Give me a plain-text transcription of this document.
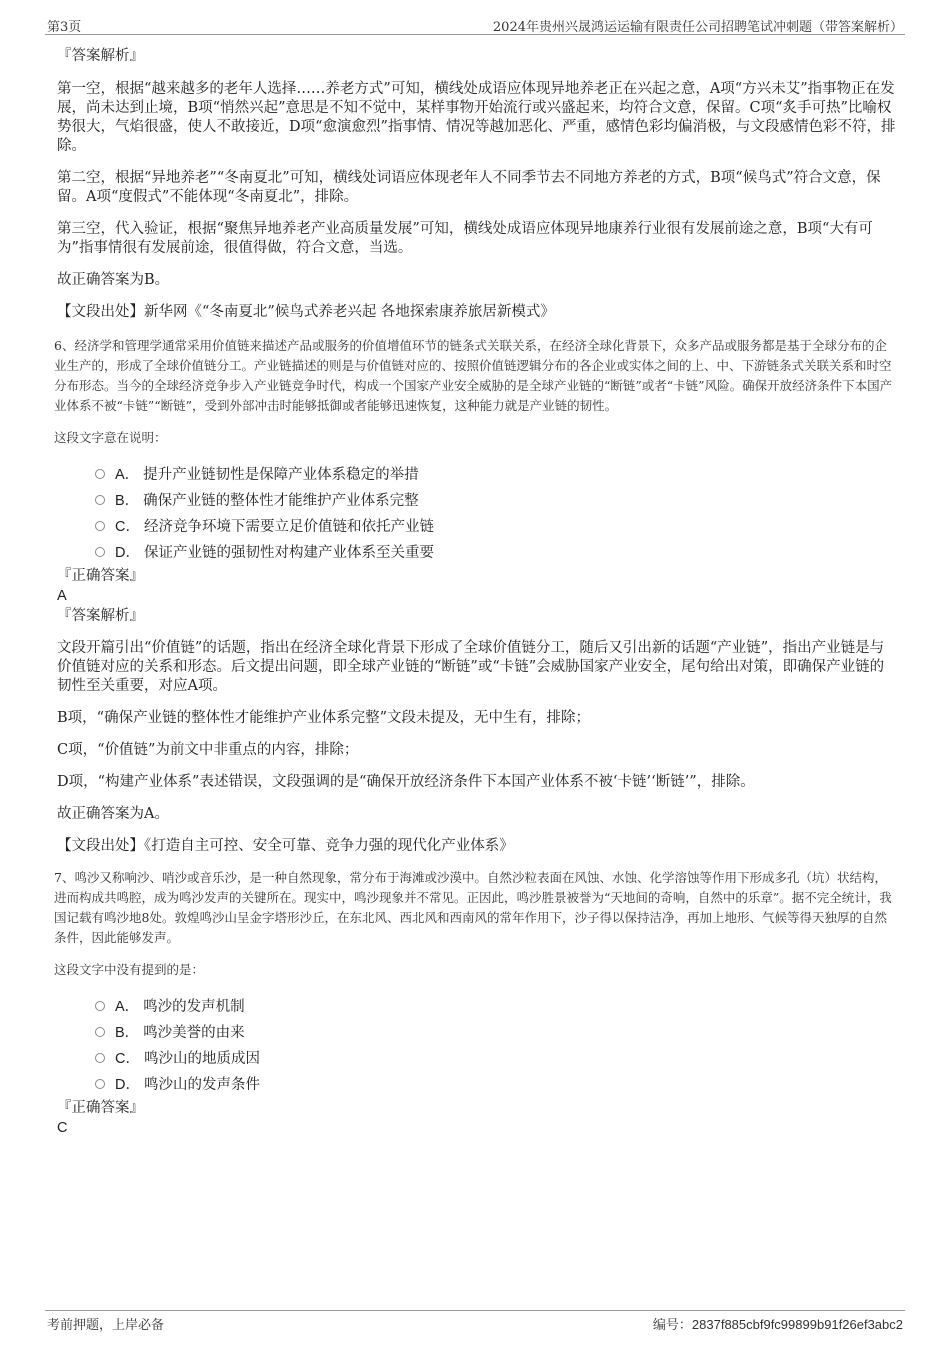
第3页	2024年贵州兴晟鸿运运输有限责任公司招聘笔试冲刺题（带答案解析）

『答案解析』

第一空，根据“越来越多的老年人选择……养老方式”可知，横线处成语应体现异地养老正在兴起之意，A项“方兴未艾”指事物正在发展，尚未达到止境，B项“悄然兴起”意思是不知不觉中，某样事物开始流行或兴盛起来，均符合文意，保留。C项“炙手可热”比喻权势很大，气焰很盛，使人不敢接近，D项“愈演愈烈”指事情、情况等越加恶化、严重，感情色彩均偏消极，与文段感情色彩不符，排除。

第二空，根据“异地养老”“冬南夏北”可知，横线处词语应体现老年人不同季节去不同地方养老的方式，B项“候鸟式”符合文意，保留。A项“度假式”不能体现“冬南夏北”，排除。

第三空，代入验证，根据“聚焦异地养老产业高质量发展”可知，横线处成语应体现异地康养行业很有发展前途之意，B项“大有可为”指事情很有发展前途，很值得做，符合文意，当选。

故正确答案为B。

【文段出处】新华网《“冬南夏北”候鸟式养老兴起 各地探索康养旅居新模式》

6、经济学和管理学通常采用价值链来描述产品或服务的价值增值环节的链条式关联关系，在经济全球化背景下，众多产品或服务都是基于全球分布的企业生产的，形成了全球价值链分工。产业链描述的则是与价值链对应的、按照价值链逻辑分布的各企业或实体之间的上、中、下游链条式关联关系和时空分布形态。当今的全球经济竞争步入产业链竞争时代，构成一个国家产业安全威胁的是全球产业链的“断链”或者“卡链”风险。确保开放经济条件下本国产业体系不被“卡链”“断链”，受到外部冲击时能够抵御或者能够迅速恢复，这种能力就是产业链的韧性。

这段文字意在说明：

A． 提升产业链韧性是保障产业体系稳定的举措
B． 确保产业链的整体性才能维护产业体系完整
C． 经济竞争环境下需要立足价值链和依托产业链
D． 保证产业链的强韧性对构建产业体系至关重要

『正确答案』

A

『答案解析』

文段开篇引出“价值链”的话题，指出在经济全球化背景下形成了全球价值链分工，随后又引出新的话题“产业链”，指出产业链是与价值链对应的关系和形态。后文提出问题，即全球产业链的“断链”或“卡链”会威胁国家产业安全，尾句给出对策，即确保产业链的韧性至关重要，对应A项。

B项，“确保产业链的整体性才能维护产业体系完整”文段未提及，无中生有，排除；

C项，“价值链”为前文中非重点的内容，排除；

D项，“构建产业体系”表述错误，文段强调的是“确保开放经济条件下本国产业体系不被‘卡链’‘断链’”，排除。

故正确答案为A。

【文段出处】《打造自主可控、安全可靠、竞争力强的现代化产业体系》

7、鸣沙又称响沙、哨沙或音乐沙，是一种自然现象，常分布于海滩或沙漠中。自然沙粒表面在风蚀、水蚀、化学溶蚀等作用下形成多孔（坑）状结构，进而构成共鸣腔，成为鸣沙发声的关键所在。现实中，鸣沙现象并不常见。正因此，鸣沙胜景被誉为“天地间的奇响，自然中的乐章”。据不完全统计，我国记载有鸣沙地8处。敦煌鸣沙山呈金字塔形沙丘，在东北风、西北风和西南风的常年作用下，沙子得以保持洁净，再加上地形、气候等得天独厚的自然条件，因此能够发声。

这段文字中没有提到的是：

A． 鸣沙的发声机制
B． 鸣沙美誉的由来
C． 鸣沙山的地质成因
D． 鸣沙山的发声条件

『正确答案』

C

考前押题，上岸必备	编号：2837f885cbf9fc99899b91f26ef3abc2
